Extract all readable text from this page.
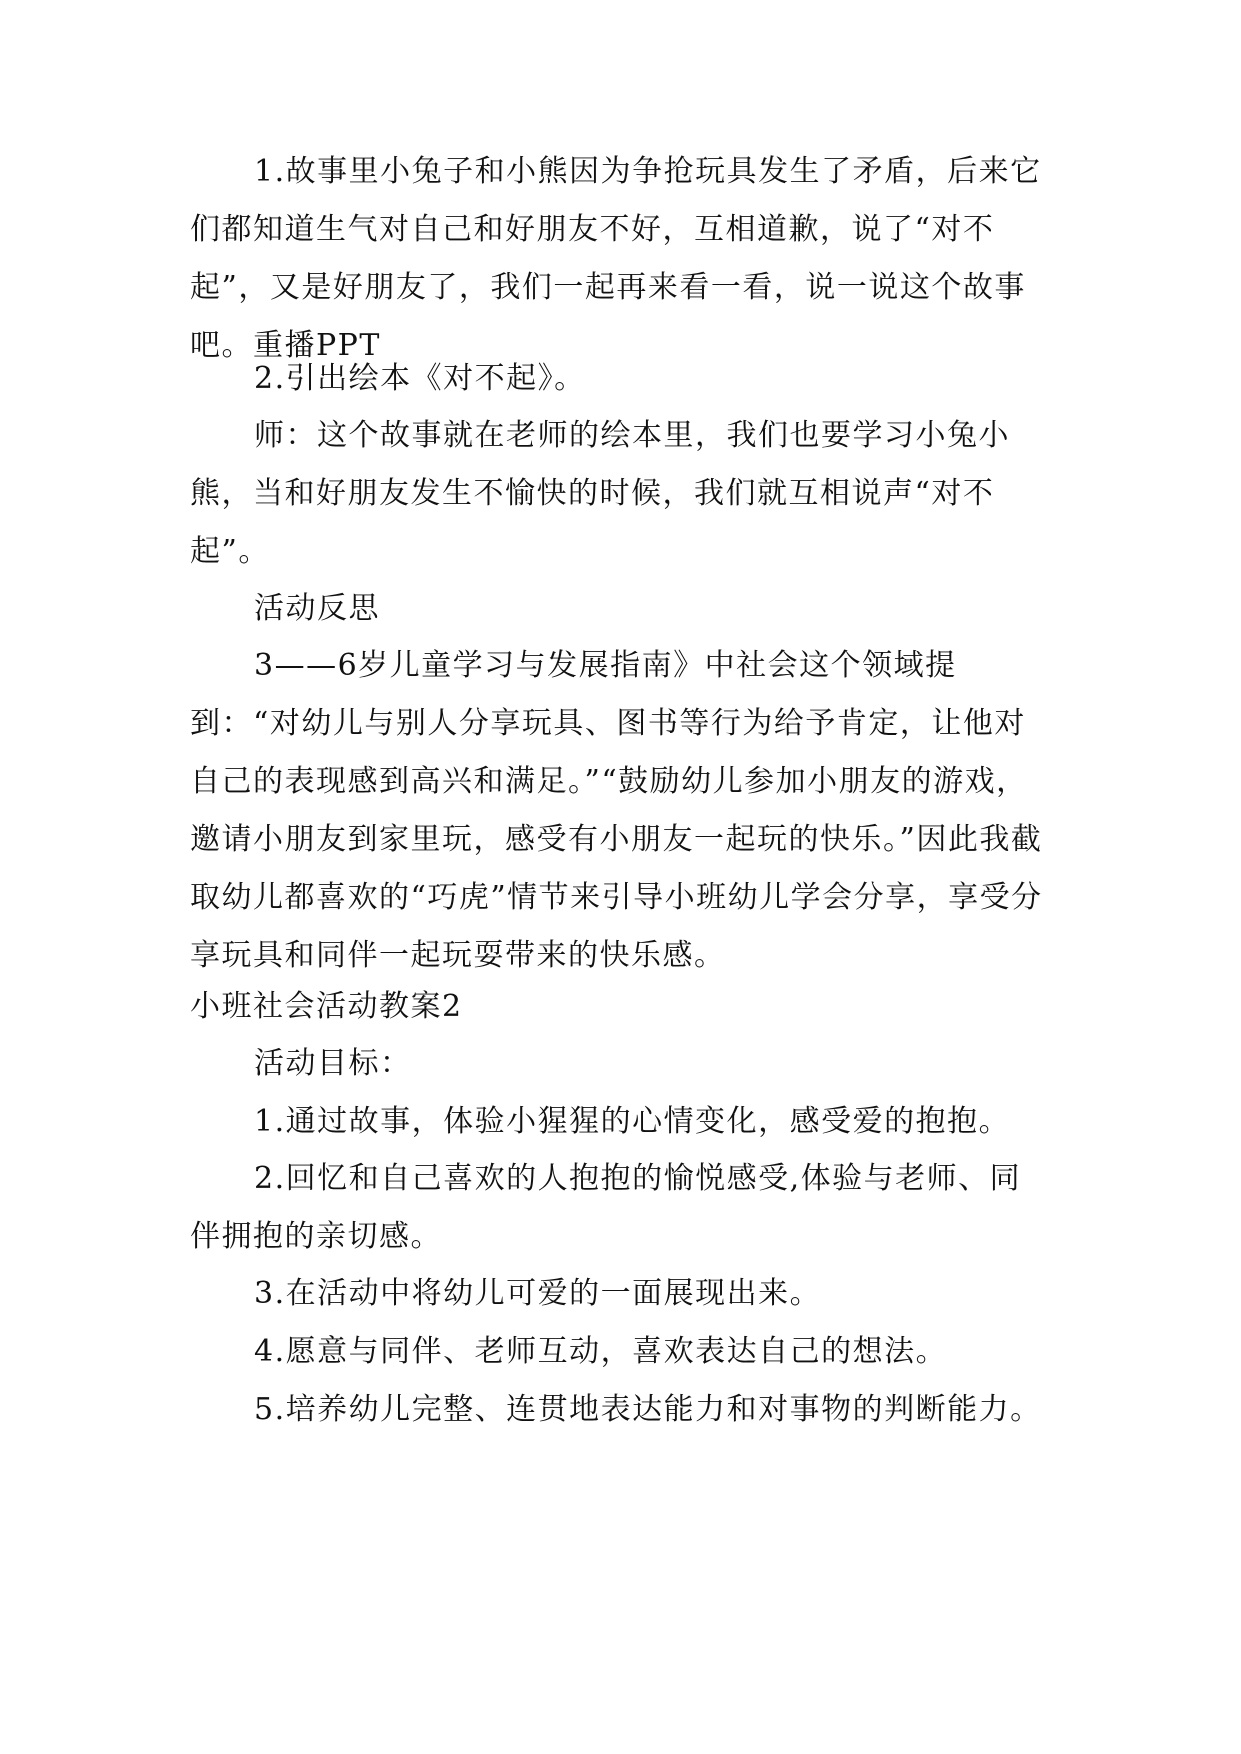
1.故事里小兔子和小熊因为争抢玩具发生了矛盾，后来它们都知道生气对自己和好朋友不好，互相道歉，说了“对不起”，又是好朋友了，我们一起再来看一看，说一说这个故事吧。重播PPT
2.引出绘本《对不起》。
师：这个故事就在老师的绘本里，我们也要学习小兔小熊，当和好朋友发生不愉快的时候，我们就互相说声“对不起”。
活动反思
3——6岁儿童学习与发展指南》中社会这个领域提到：“对幼儿与别人分享玩具、图书等行为给予肯定，让他对自己的表现感到高兴和满足。”“鼓励幼儿参加小朋友的游戏，邀请小朋友到家里玩，感受有小朋友一起玩的快乐。”因此我截取幼儿都喜欢的“巧虎”情节来引导小班幼儿学会分享，享受分享玩具和同伴一起玩耍带来的快乐感。
小班社会活动教案2
活动目标：
1.通过故事，体验小猩猩的心情变化，感受爱的抱抱。
2.回忆和自己喜欢的人抱抱的愉悦感受,体验与老师、同伴拥抱的亲切感。
3.在活动中将幼儿可爱的一面展现出来。
4.愿意与同伴、老师互动，喜欢表达自己的想法。
5.培养幼儿完整、连贯地表达能力和对事物的判断能力。
